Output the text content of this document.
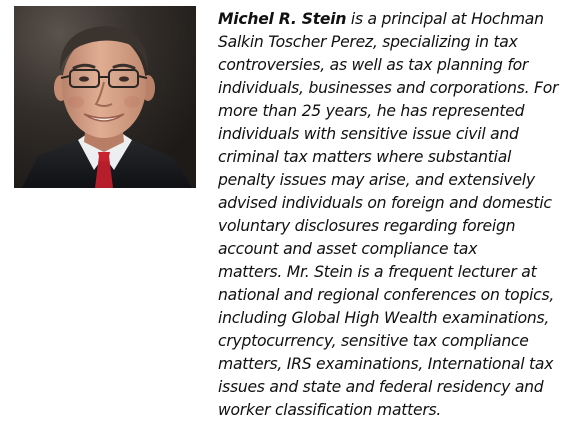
Michel R. Stein is a principal at Hochman
Salkin Toscher Perez, specializing in tax
controversies, as well as tax planning for
individuals, businesses and corporations. For
more than 25 years, he has represented
individuals with sensitive issue civil and
criminal tax matters where substantial
penalty issues may arise, and extensively
advised individuals on foreign and domestic
voluntary disclosures regarding foreign
account and asset compliance tax
matters. Mr. Stein is a frequent lecturer at
national and regional conferences on topics,
including Global High Wealth examinations,
cryptocurrency, sensitive tax compliance
matters, IRS examinations, International tax
issues and state and federal residency and
worker classification matters.
